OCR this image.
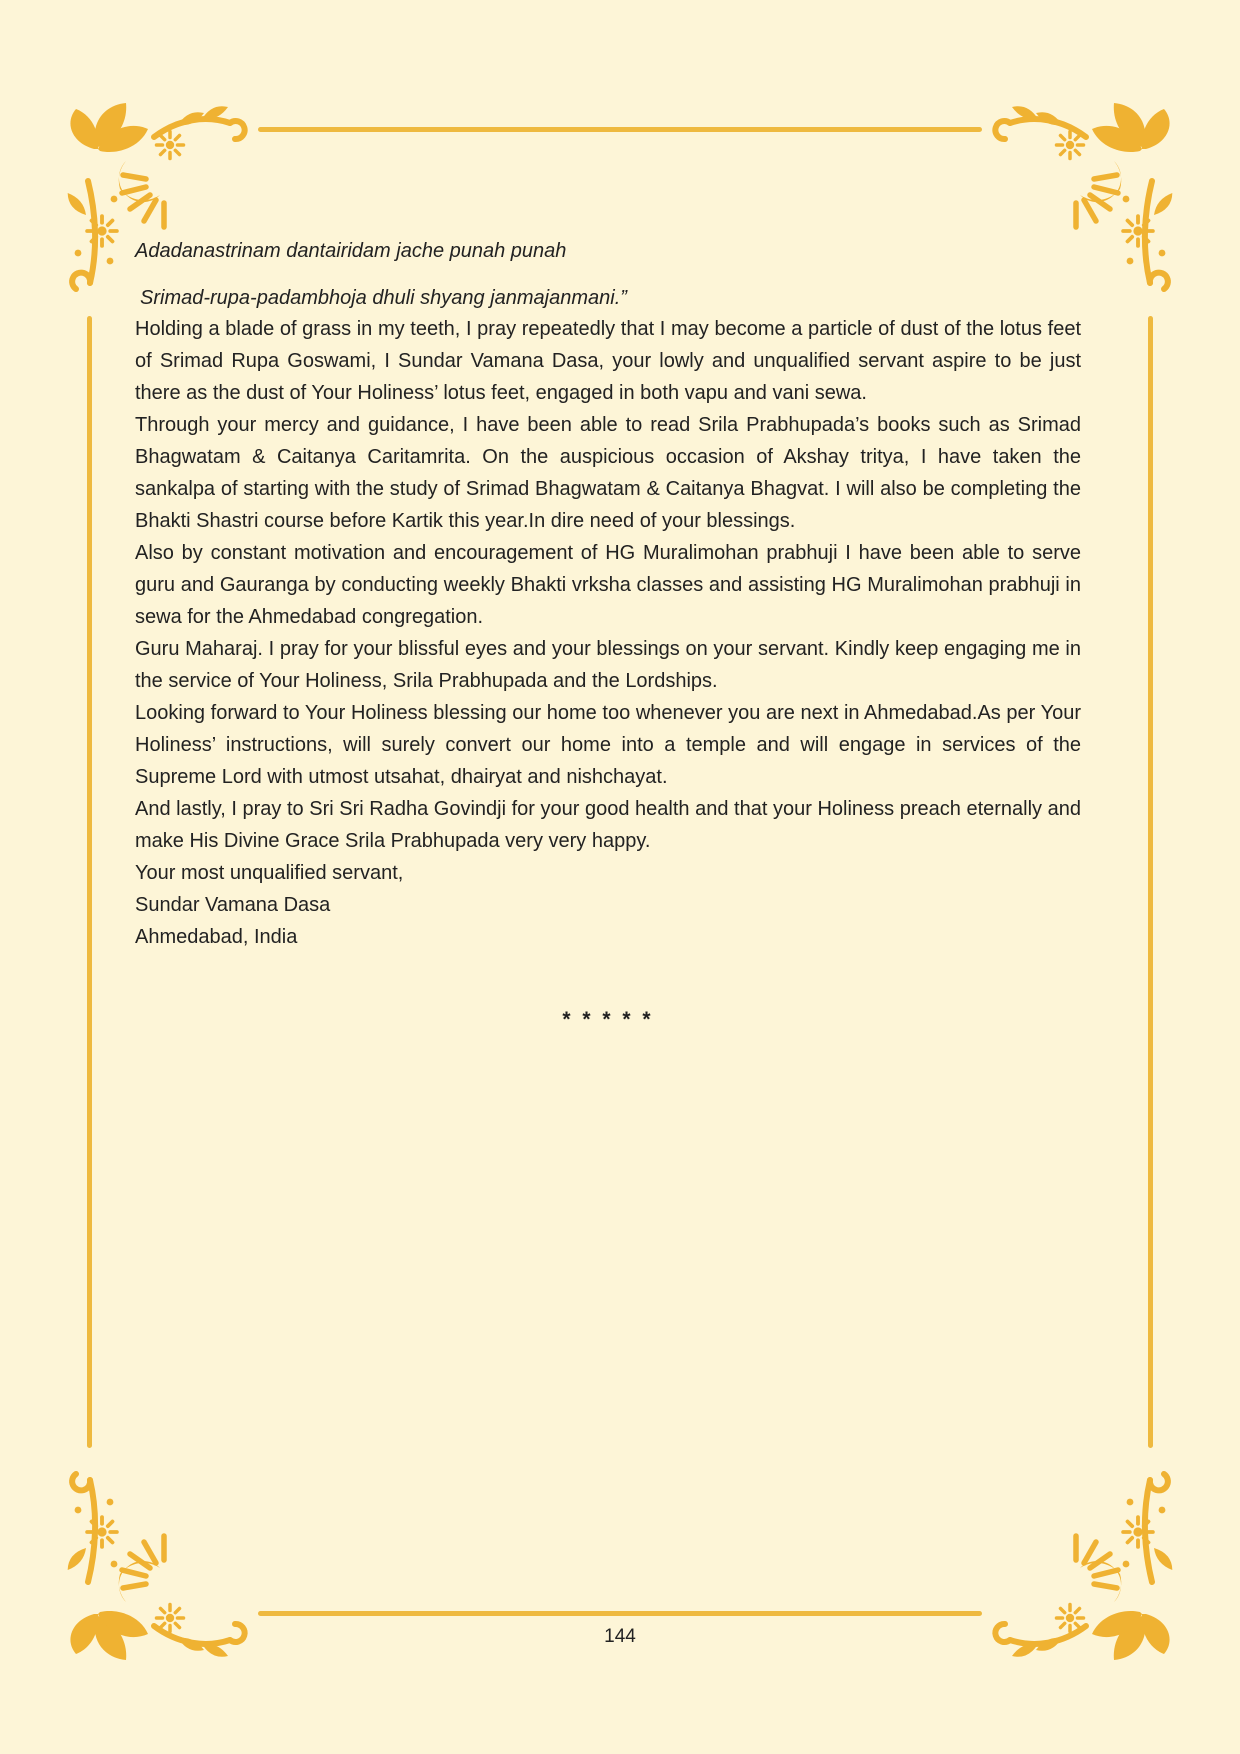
Adadanastrinam dantairidam jache punah punah

Srimad-rupa-padambhoja dhuli shyang janmajanmani.”

Holding a blade of grass in my teeth, I pray repeatedly that I may become a particle of dust of the lotus feet of Srimad Rupa Goswami, I Sundar Vamana Dasa, your lowly and unqualified servant aspire to be just there as the dust of Your Holiness’ lotus feet, engaged in both vapu and vani sewa.

Through your mercy and guidance, I have been able to read Srila Prabhupada’s books such as Srimad Bhagwatam & Caitanya Caritamrita. On the auspicious occasion of Akshay tritya, I have taken the sankalpa of starting with the study of Srimad Bhagwatam & Caitanya Bhagvat. I will also be completing the Bhakti Shastri course before Kartik this year.In dire need of your blessings.

Also by constant motivation and encouragement of HG Muralimohan prabhuji I have been able to serve guru and Gauranga by conducting weekly Bhakti vrksha classes and assisting HG Muralimohan prabhuji in sewa for the Ahmedabad congregation.

Guru Maharaj. I pray for your blissful eyes and your blessings on your servant. Kindly keep engaging me in the service of Your Holiness, Srila Prabhupada and the Lordships.

Looking forward to Your Holiness blessing our home too whenever you are next in Ahmedabad.As per Your Holiness’ instructions, will surely convert our home into a temple and will engage in services of the Supreme Lord with utmost utsahat, dhairyat and nishchayat.

And lastly, I pray to Sri Sri Radha Govindji for your good health and that your Holiness preach eternally and make His Divine Grace Srila Prabhupada very very happy.

Your most unqualified servant,

Sundar Vamana Dasa

Ahmedabad, India

* * * * *
144
